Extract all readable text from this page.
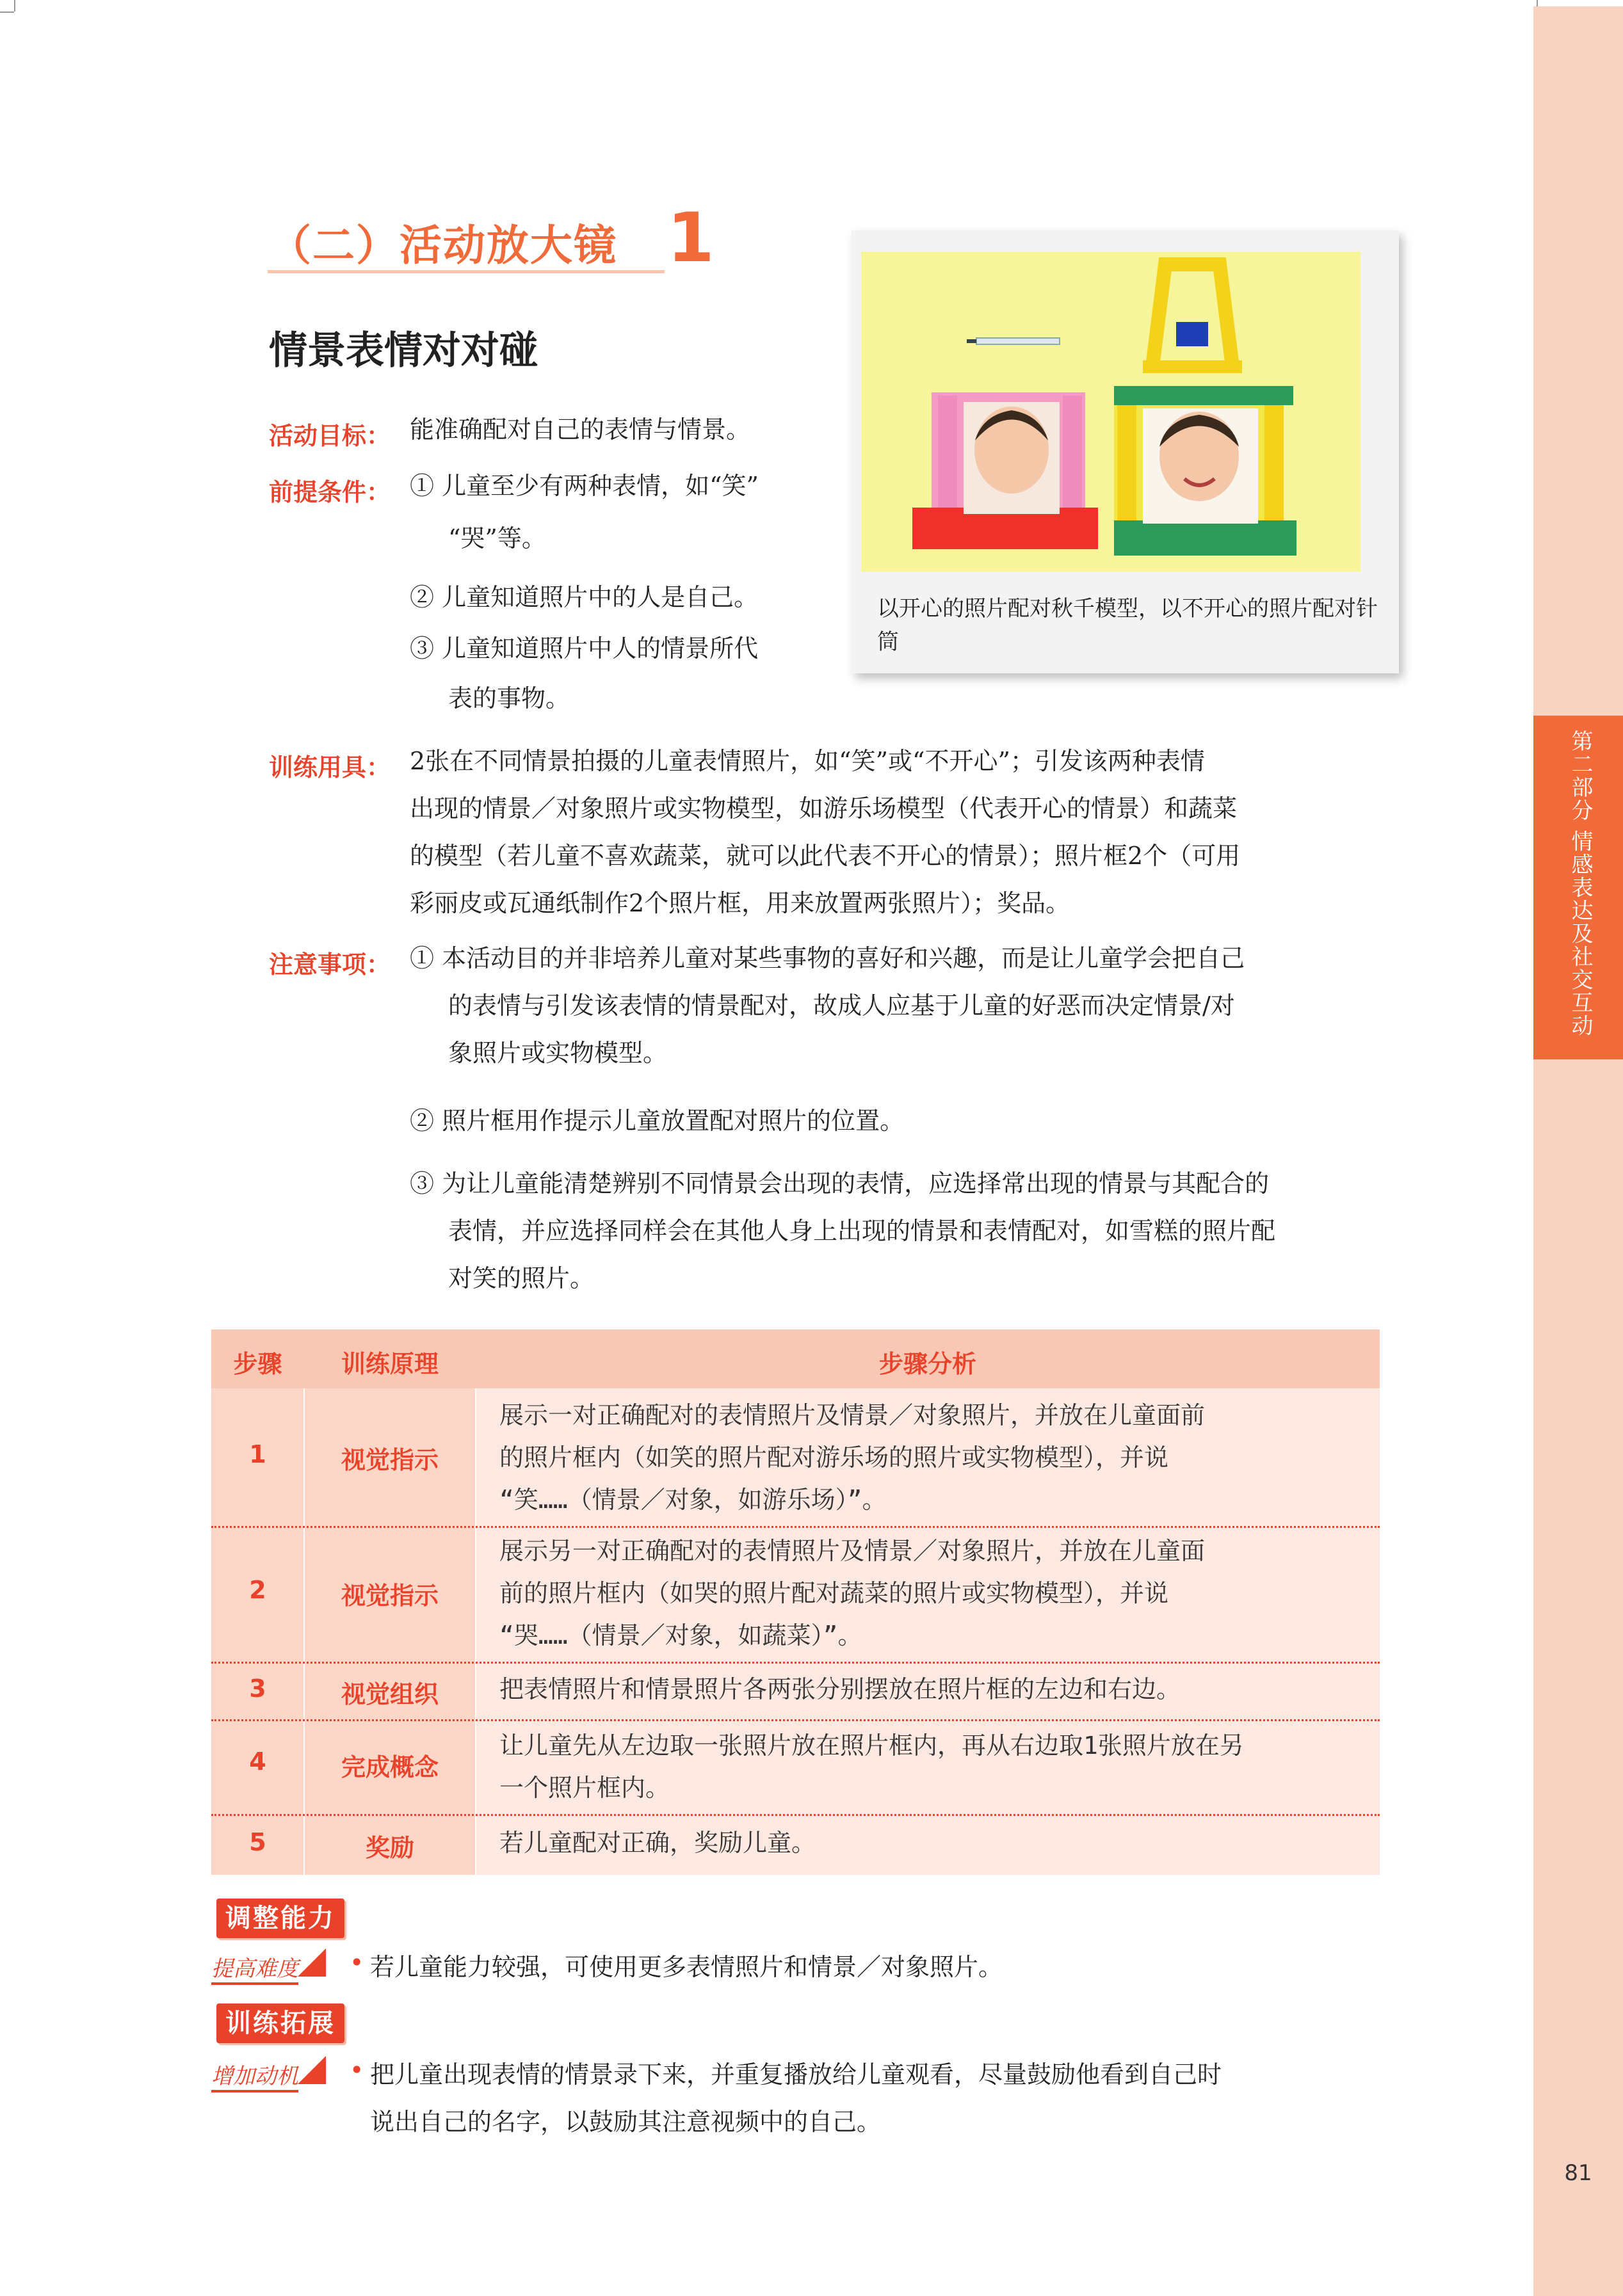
第二部分 情感表达及社交互动
81
（二）活动放大镜 1
情景表情对对碰
活动目标： 能准确配对自己的表情与情景。
前提条件： ① 儿童至少有两种表情，如“笑”
“哭”等。
② 儿童知道照片中的人是自己。
③ 儿童知道照片中人的情景所代
表的事物。
以开心的照片配对秋千模型，以不开心的照片配对针筒
训练用具： 2张在不同情景拍摄的儿童表情照片，如“笑”或“不开心”；引发该两种表情
出现的情景／对象照片或实物模型，如游乐场模型（代表开心的情景）和蔬菜
的模型（若儿童不喜欢蔬菜，就可以此代表不开心的情景）；照片框2个（可用
彩丽皮或瓦通纸制作2个照片框，用来放置两张照片）；奖品。
注意事项： ① 本活动目的并非培养儿童对某些事物的喜好和兴趣，而是让儿童学会把自己
的表情与引发该表情的情景配对，故成人应基于儿童的好恶而决定情景/对
象照片或实物模型。
② 照片框用作提示儿童放置配对照片的位置。
③ 为让儿童能清楚辨别不同情景会出现的表情，应选择常出现的情景与其配合的
表情，并应选择同样会在其他人身上出现的情景和表情配对，如雪糕的照片配
对笑的照片。
步骤	训练原理	步骤分析
1	视觉指示
展示一对正确配对的表情照片及情景／对象照片，并放在儿童面前
的照片框内（如笑的照片配对游乐场的照片或实物模型），并说
“笑……（情景／对象，如游乐场）”。
2	视觉指示
展示另一对正确配对的表情照片及情景／对象照片，并放在儿童面
前的照片框内（如哭的照片配对蔬菜的照片或实物模型），并说
“哭……（情景／对象，如蔬菜）”。
3	视觉组织	把表情照片和情景照片各两张分别摆放在照片框的左边和右边。
4	完成概念
让儿童先从左边取一张照片放在照片框内，再从右边取1张照片放在另
一个照片框内。
5	奖励	若儿童配对正确，奖励儿童。
调整能力
提高难度 • 若儿童能力较强，可使用更多表情照片和情景／对象照片。
训练拓展
增加动机 • 把儿童出现表情的情景录下来，并重复播放给儿童观看，尽量鼓励他看到自己时
说出自己的名字，以鼓励其注意视频中的自己。
